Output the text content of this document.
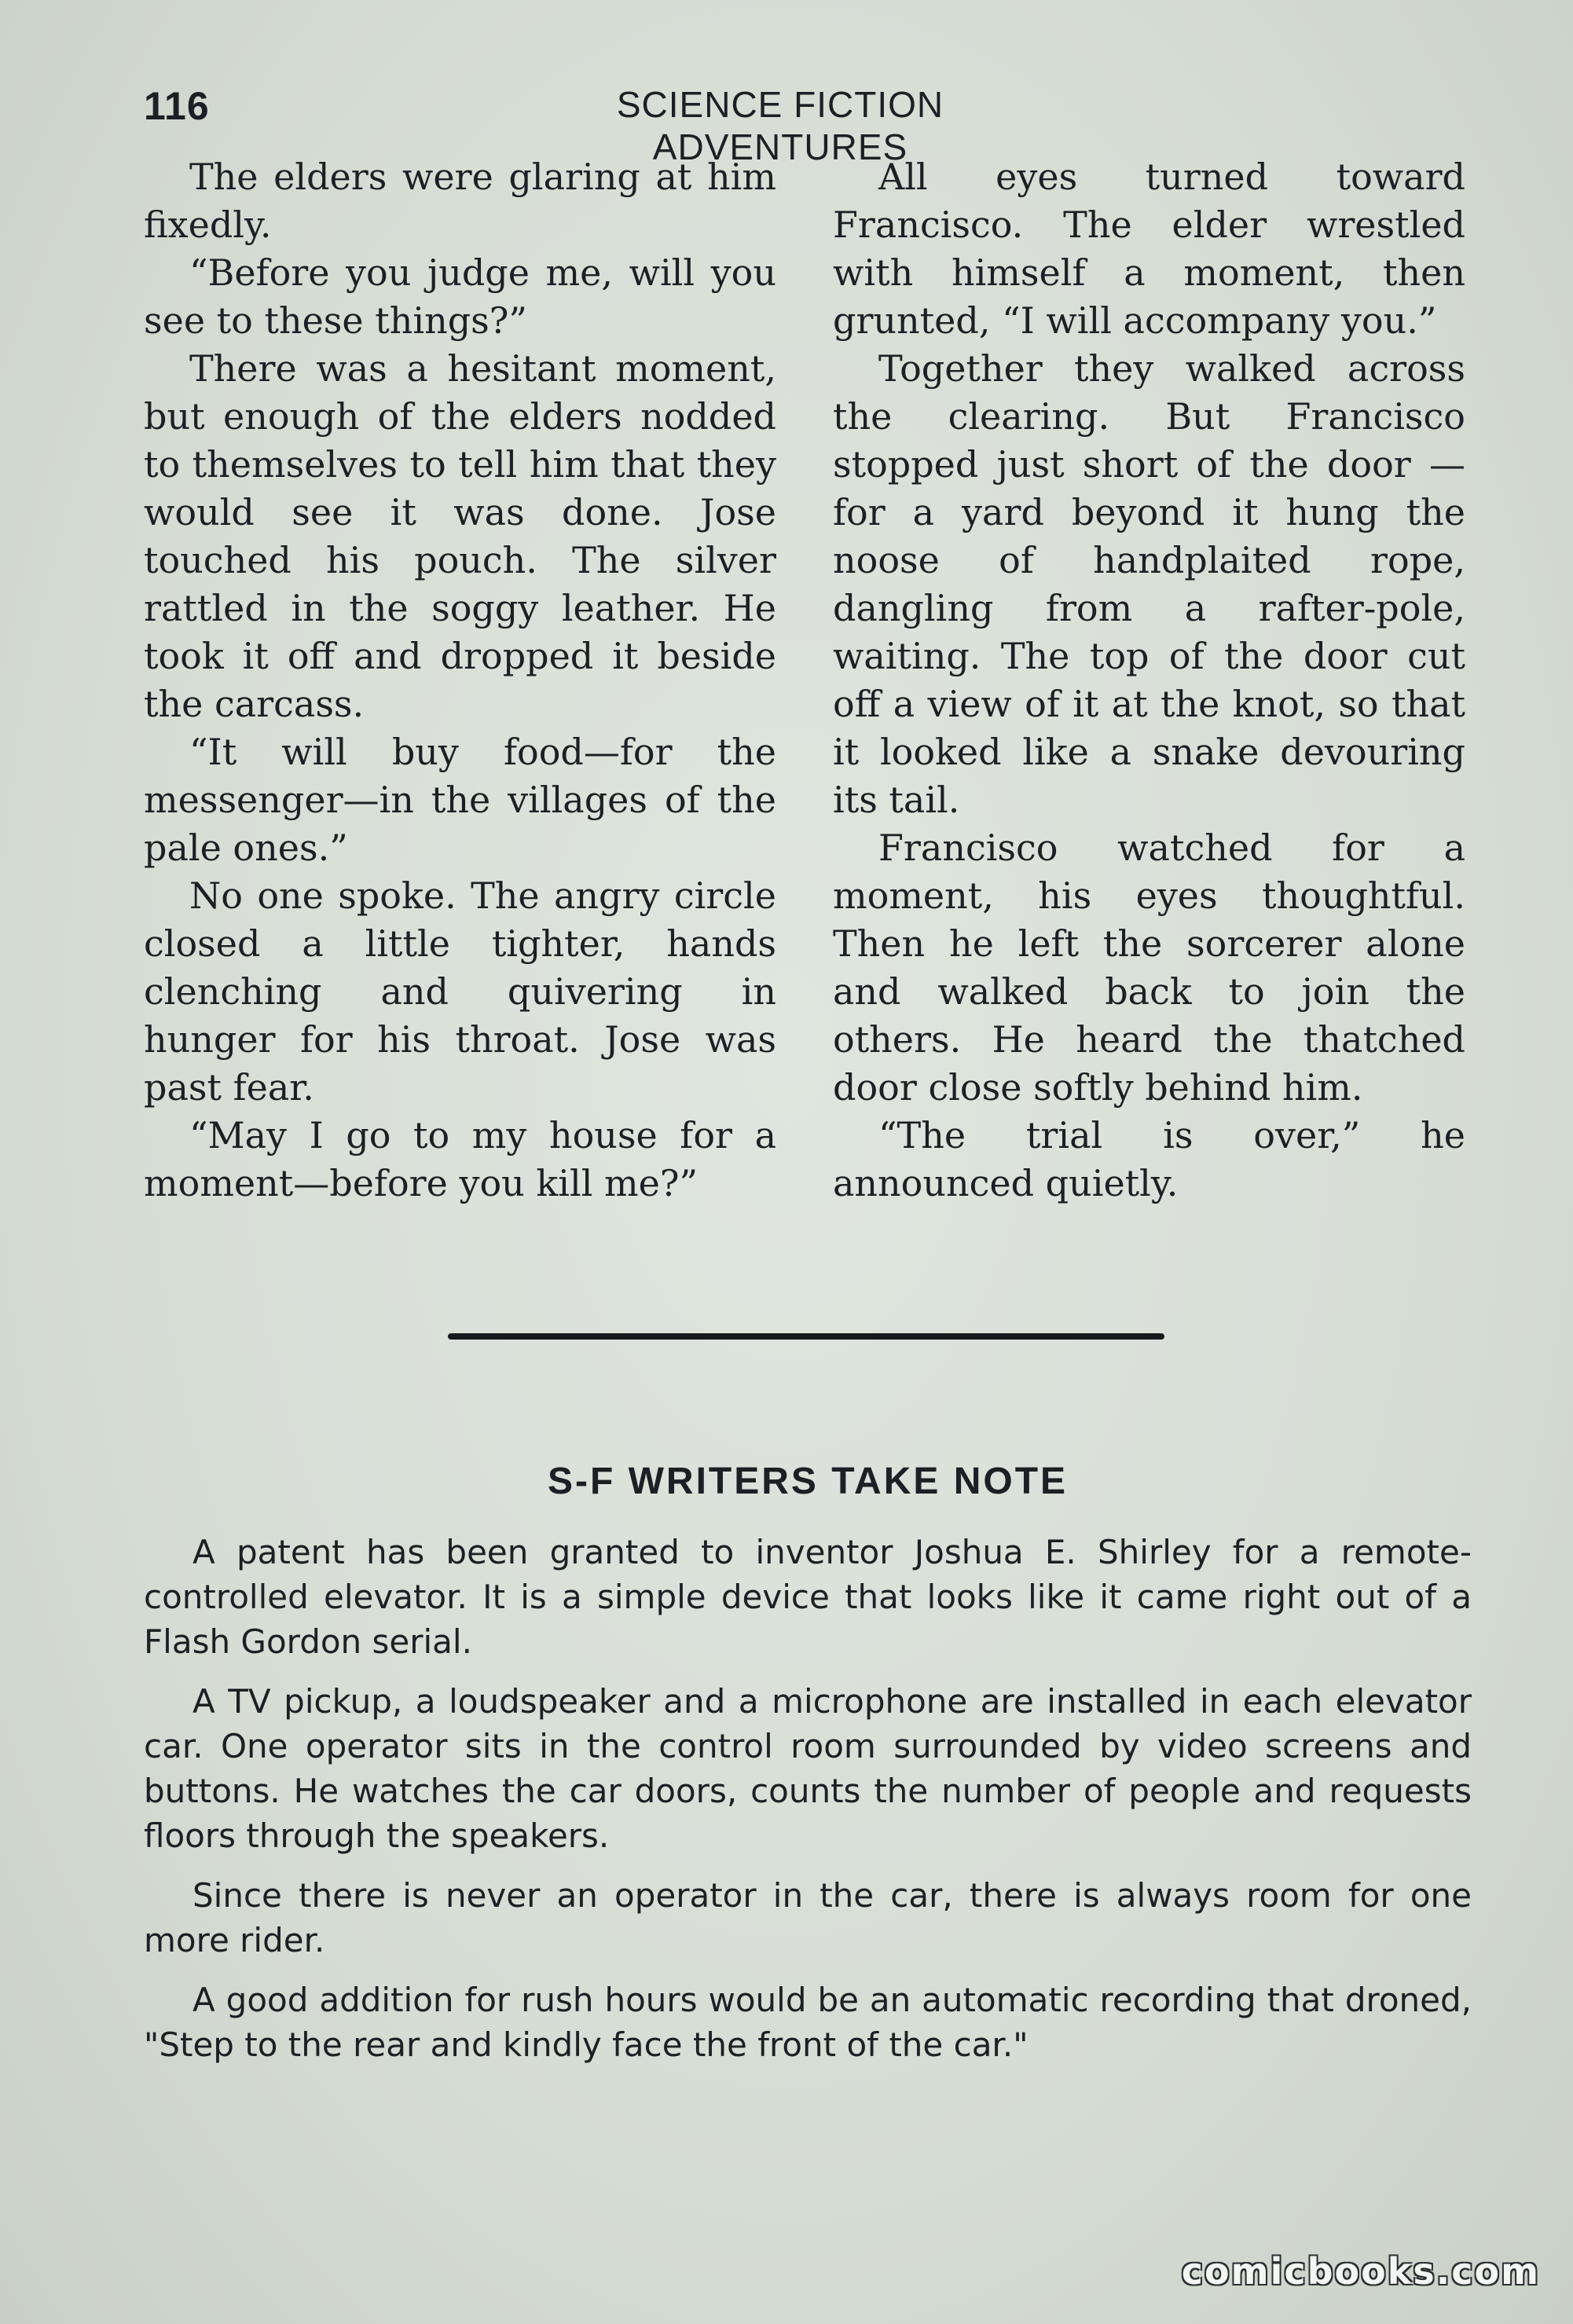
116	SCIENCE FICTION ADVENTURES

The elders were glaring at him fixedly.

“Before you judge me, will you see to these things?”

There was a hesitant moment, but enough of the elders nodded to themselves to tell him that they would see it was done. Jose touched his pouch. The silver rattled in the soggy leather. He took it off and dropped it beside the carcass.

“It will buy food—for the messenger—in the villages of the pale ones.”

No one spoke. The angry circle closed a little tighter, hands clenching and quivering in hunger for his throat. Jose was past fear.

“May I go to my house for a moment—before you kill me?”

All eyes turned toward Francisco. The elder wrestled with himself a moment, then grunted, “I will accompany you.”

Together they walked across the clearing. But Francisco stopped just short of the door —for a yard beyond it hung the noose of handplaited rope, dangling from a rafter-pole, waiting. The top of the door cut off a view of it at the knot, so that it looked like a snake devouring its tail.

Francisco watched for a moment, his eyes thoughtful. Then he left the sorcerer alone and walked back to join the others. He heard the thatched door close softly behind him.

“The trial is over,” he announced quietly.

S-F WRITERS TAKE NOTE

A patent has been granted to inventor Joshua E. Shirley for a remote-controlled elevator. It is a simple device that looks like it came right out of a Flash Gordon serial.

A TV pickup, a loudspeaker and a microphone are installed in each elevator car. One operator sits in the control room surrounded by video screens and buttons. He watches the car doors, counts the number of people and requests floors through the speakers.

Since there is never an operator in the car, there is always room for one more rider.

A good addition for rush hours would be an automatic recording that droned, "Step to the rear and kindly face the front of the car."

comicbooks.com
